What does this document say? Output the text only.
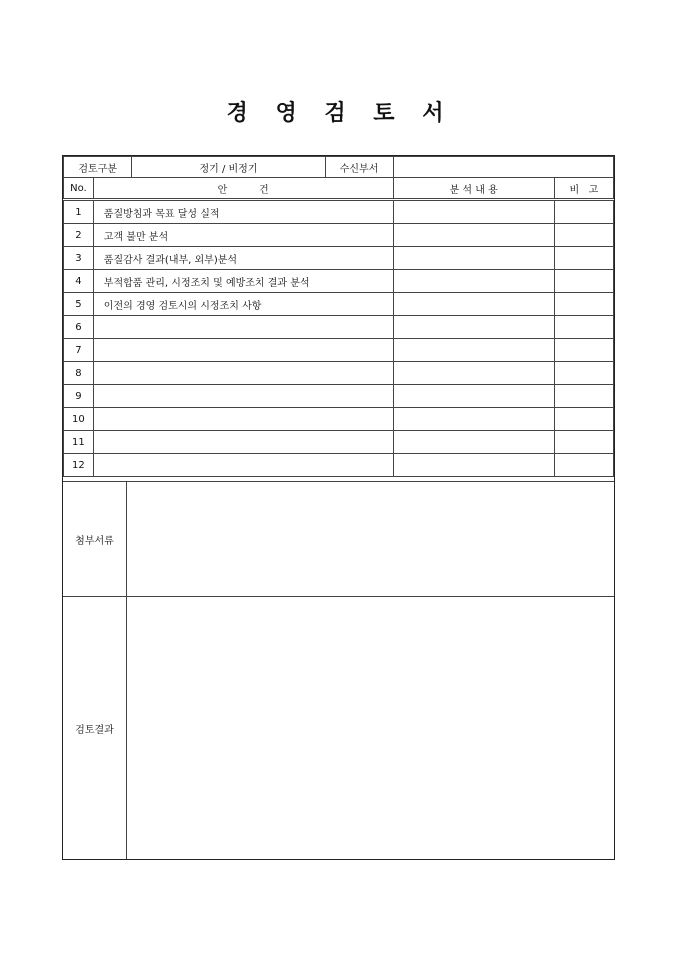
경 영 검 토 서
검토구분		정기 / 비정기	수신부서		
No.	안          건			분 석 내 용	비   고
1	품질방침과 목표 달성 실적				
2	고객 불만 분석				
3	품질감사 결과(내부, 외부)분석				
4	부적합품 관리, 시정조치 및 예방조치 결과 분석				
5	이전의 경영 검토시의 시정조치 사항				
6					
7					
8					
9					
10					
11					
12					
첨부서류
검토결과
